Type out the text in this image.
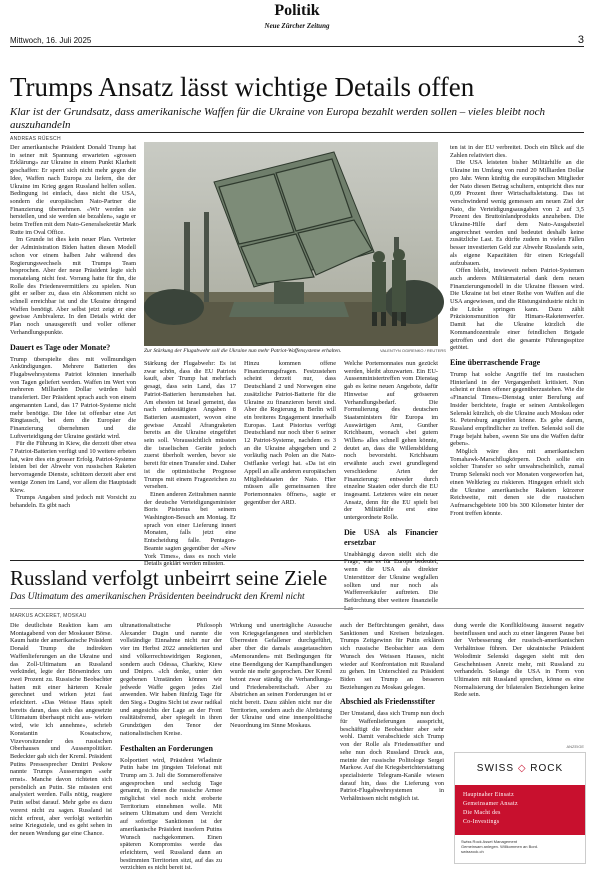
Mittwoch, 16. Juli 2025
Politik
Neue Zürcher Zeitung
3
Trumps Ansatz lässt wichtige Details offen
Klar ist der Grundsatz, dass amerikanische Waffen für die Ukraine von Europa bezahlt werden sollen – vieles bleibt noch auszuhandeln
ANDREAS RÜESCH

Der amerikanische Präsident Donald Trump hat in seiner mit Spannung erwarteten «grossen Erklärung» zur Ukraine in einem Punkt Klarheit geschaffen: Er sperrt sich nicht mehr gegen die Idee, Waffen nach Europa zu liefern, die der Ukraine im Krieg gegen Russland helfen sollen. Bedingung ist einfach, dass nicht die USA, sondern die europäischen Nato-Partner die Finanzierung übernehmen. «Wir werden sie herstellen, und sie werden sie bezahlen», sagte er beim Treffen mit dem Nato-Generalsekretär Mark Rutte im Oval Office.

Im Grunde ist dies kein neuer Plan. Vertreter der Administration Biden hatten diesen Modell schon vor einem halben Jahr während des Regierungswechsels mit Trumps Team besprochen. Aber der neue Präsident legte sich monatelang nicht fest. Vorrang hatte für ihn, die Rolle des Friedensvermittlers zu spielen. Nun gibt er selber zu, dass ein Abkommen nicht so schnell erreichbar ist und die Ukraine dringend Waffen benötigt. Aber selbst jetzt zeigt er eine gewisse Ambivalenz. In den Details wirkt der Plan noch unausgereift und voller offener Verhandlungspunkte.

Dauert es Tage oder Monate?

Trump überspielte dies mit vollmundigen Ankündigungen. Mehrere Batterien des Flugabwehrsystems Patriot könnten innerhalb von Tagen geliefert werden. Waffen im Wert von mehreren Milliarden Dollar würden bald transferiert. Der Präsident sprach auch von einem angenannten Land, das 17 Patriot-Systeme nicht mehr benötige. Die Idee ist offenbar eine Art Ringtausch, bei dem die Europäer die Finanzierung übernehmen und die Luftverteidigung der Ukraine gestärkt wird.

Für die Führung in Kiew, die derzeit über etwa 7 Patriot-Batterien verfügt und 10 weitere erbeten hat, wäre dies ein grosser Erfolg. Patriot-Systeme leisten bei der Abwehr von russischen Raketen hervorragende Dienste, schützen derzeit aber erst wenige Zonen im Land, vor allem die Hauptstadt Kiew.

Trumps Angaben sind jedoch mit Vorsicht zu behandeln. Es gibt nach

Zur Stärkung der Flugabwehr soll die Ukraine nun mehr Patriot-Waffensysteme erhalten.	VALENTYN OGIRENKO / REUTERS

ten ist in der EU verbreitet. Doch ein Blick auf die Zahlen relativiert dies.

Die USA leisteten bisher Militärhilfe an die Ukraine im Umfang von rund 20 Milliarden Dollar pro Jahr. Wenn künftig die europäischen Mitglieder der Nato diesen Betrag schultern, entspricht dies nur 0,09 Prozent ihrer Wirtschaftsleistung. Das ist verschwindend wenig gemessen am neuen Ziel der Nato, die Verteidigungsausgaben von 2 auf 3,5 Prozent des Bruttoinlandprodukts anzuheben. Die Ukraine-Hilfe darf dem Nato-Ausgabeziel angerechnet werden und bedeutet deshalb keine zusätzliche Last. Es dürfte zudem in vielen Fällen besser investierten Geld zur Abwehr Russlands sein, als eigene Kapazitäten für einen Kriegsfall aufzubauen.

Offen bleibt, inwieweit neben Patriot-Systemen auch anderes Militärmaterial dank dem neuen Finanzierungsmodell in die Ukraine fliessen wird. Die Ukraine ist bei einer Reihe von Waffen auf die USA angewiesen, und die Rüstungsindustrie nicht in die Lücke springen kann. Dazu zählt Präzisionsmunition für Himars-Raketenwerfer. Damit hat die Ukraine kürzlich die Kommandozentrale einer feindlichen Brigade getroffen und dort die gesamte Führungsspitze getötet.

Eine überraschende Frage

Trump hat solche Angriffe tief im russischen Hinterland in der Vergangenheit kritisiert. Nun scheint er ihnen offener gegenüberzustehen. Wie die «Financial Times»-Dienstag unter Berufung auf Insider berichtete, fragte er seinen Amtskollegen Selenski kürzlich, ob die Ukraine auch Moskau oder St. Petersburg angreifen könne. Es gebe darum, Russland empfindlicher zu treffen. Selenski soll die Frage bejaht haben, «wenn Sie uns die Waffen dafür geben».

Möglich wäre dies mit amerikanischen Tomahawk-Marschflugkörpern. Doch sollte ein solcher Transfer so sehr unwahrscheinlich, zumal Trump Selenski noch vor Monaten vorgeworfen hat, einen Weltkrieg zu riskieren. Hingegen erhielt sich die Ukraine amerikanische Raketen kürzerer Reichweite, mit denen sie die russischen Aufmarschgebiete 100 bis 300 Kilometer hinter der Front treffen könnte.

Stärkung der Flugabwehr: Es ist zwar schön, dass die EU Patriots kauft, aber Trump hat mehrfach gesagt, dass sein Land, das 17 Patriot-Batterien herumstehen hat. Am ehesten ist Israel gemeint, das nach unbestätigten Angaben 8 Batterien ausmustert, wovon eine gewisse Anzahl Afrangraketen bereits an die Ukraine eingeführt sein soll. Voraussichtlich müssten die israelischen Geräte jedoch zuerst überholt werden, bevor sie bereit für einen Transfer sind. Daher ist die optimistische Prognose Trumps mit einem Fragezeichen zu versehen.

Einen anderen Zeitrahmen nannte der deutsche Verteidigungsminister Boris Pistorius bei seinem Washington-Besuch am Montag. Er sprach von einer Lieferung innert Monaten, falls jetzt eine Entscheidung falle. Pentagon-Beamte sagten gegenüber der «New York Times», dass es noch viele Details geklärt werden müssten.

Hinzu kommen offene Finanzierungsfragen. Festzustehen scheint derzeit nur, dass Deutschland 2 und Norwegen eine zusätzliche Patriot-Batterie für die Ukraine zu finanzieren bereit sind. Aber die Regierung in Berlin will ein breiteres Engagement innerhalb Europas. Laut Pistorius verfügt Deutschland nur noch über 6 seiner 12 Patriot-Systeme, nachdem es 3 an die Ukraine abgegeben und 2 vorläufig nach Polen an die Nato-Ostflanke verlegt hat. «Da ist ein Appell an alle anderen europäischen Mitgliedstaaten der Nato. Hier müssen alle gemeinsamen ihre Portemonnaies öffnen», sagte er gegenüber der ARD.

Welche Portemonnaies nun gezückt werden, bleibt abzuwarten. Ein EU-Aussenministertreffen vom Dienstag gab es keine neuen Angebote, dafür Hinweise auf grösseren Verhandlungsbedarf. Die Formulierung des deutschen Staatsministers für Europa im Auswärtigen Amt, Gunther Krichbaum, wonach «bei gutem Willen» alles schnell gehen könnte, deutet an, dass die Willensbildung noch bevorsteht. Krichbaum erwähnte auch zwei grundlegend verschiedene Arten der Finanzierung: entweder durch einzelne Staaten oder durch die EU insgesamt. Letzteres wäre ein neuer Ansatz, denn für die EU spielt bei der Militärhilfe erst eine untergeordnete Rolle.

Die USA als Financier ersetzbar

Unabhängig davon stellt sich die Frage, was es für Europa bedeutet, wenn die USA als direkter Unterstützer der Ukraine wegfallen sollten und nur noch als Waffenverkäufer auftreten. Die Befürchtung über weitere finanzielle Las-

Russland verfolgt unbeirrt seine Ziele
Das Ultimatum des amerikanischen Präsidenten beeindruckt den Kreml nicht
MARKUS ACKERET, MOSKAU

Die deutlichste Reaktion kam am Montagabend von der Moskauer Börse. Kaum hatte der amerikanische Präsident Donald Trump die indirekten Waffenlieferungen an die Ukraine und das Zoll-Ultimatum an Russland verkündet, legte der Börsenindex um zwei Prozent zu. Russische Beobachter hatten mit einer härteren Kreale gerechnet und wirken jetzt fast erleichtert. «Das Weisse Haus spielt bereits daran, dass sich das angesetzte Ultimatum überhaupt nicht aus- wirken wird, wie ich annehme», schrieb Konstantin Kosatschow, Vizevorsitzender des russischen Oberhauses und Aussenpolitiker. Bedeckter gab sich der Kreml. Präsident Putins Pressesprecher Dmitri Peskow nannte Trumps Äusserungen «sehr ernst». Manche davon richteten sich persönlich an Putin. Sie müssten erst analysiert werden. Falls nötig, reagiere Putin selbst darauf. Mehr gebe es dazu vorerst nicht zu sagen. Russland ist nicht erfreut, aber verfolgt weiterhin seine Kriegsziele, und es geht sehen in der neuen Wendung gar eine Chance.

ultranationalistische Philosoph Alexander Dugin und nannte die vollständige Einnahme nicht nur der vier im Herbst 2022 annektierten und sind völkerrechtswidrigen Regionen, sondern auch Odessa, Charkiw, Kiew und Dnipro. «Ich denke, unter den gegebenen Umständen können wir jedwede Waffe gegen jedes Ziel anwenden. Wir haben fünfzig Tage für den Sieg.» Dugins Sicht ist zwar radikal und angesichts der Lage an der Front realitätsfremd, aber spiegelt in ihren Grundzügen den Tenor der nationalistischen Kreise.

Festhalten an Forderungen

Kolportiert wird, Präsident Wladimir Putin habe im jüngsten Telefonat mit Trump am 3. Juli die Sommeroffensive angesprochen und sechzig Tage genannt, in denen die russische Armee möglichst viel noch nicht eroberte Territorium einnehmen wolle. Mit seinem Ultimatum und dem Verzicht auf sofortige Sanktionen ist der amerikanische Präsident insofern Putins Wunsch nachgekommen. Einen späteren Kompromiss werde das erleichtern, weil Russland dann an bestimmten Territorien sitzt, auf das zu verzichten es nicht bereit ist.

Wirkung und unerträgliche Aussuche von Kriegsgefangenen und sterblichen Überresten Gefallener durchgeführt, aber über die damals ausgetauschten «Memoranden» mit Bedingungen für eine Beendigung der Kampfhandlungen wurde nie mehr gesprochen. Der Kreml betont zwar ständig die Verhandlungs- und Friedensbereitschaft. Aber zu Abstrichen an seinen Forderungen ist er nicht bereit. Dazu zählen nicht nur die Territorien, sondern auch die Abrüstung der Ukraine und eine innenpolitische Neuordnung im Sinne Moskaus.

auch der Befürchtungen genährt, dass Sanktionen und Kreisen beizulegen. Trumps Zeitgewinn für Putin erklären sich russische Beobachter aus dem Wunsch des Weissen Hauses, nicht wieder auf Konfrontation mit Russland zu gehen. Im Unterschied zu Präsident Biden sei Trump an besseren Beziehungen zu Moskau gelegen.

Abschied als Friedensstifter

Der Umstand, dass sich Trump nun doch für Waffenlieferungen ausspricht, beschäftigt die Beobachter aber sehr wohl. Damit verabschiede sich Trump von der Rolle als Friedensstifter und sehe nun doch Russland Druck aus, meinte der russische Politologe Sergei Markow. Auf die Kriegsberichterstattung spezialisierte Telegram-Kanäle wiesen darauf hin, dass die Lieferung von Patriot-Flugabwehrsystemen in Verhältnissen nicht möglich ist.

dung werde die Konfliktlösung äusserst negativ beeinflussen und auch zu einer längeren Pause bei der Verbesserung der russisch-amerikanischen Verhältnisse führen. Der ukrainische Präsident Wolodimir Selenski dagegen sieht mit den Geschehnissen Anreiz mehr, mit Russland zu verhandeln. Solange die USA in Form von Ultimaten mit Russland sprechen, könne es eine Normalisierung der bilateralen Beziehungen keine Rede sein.

ANZEIGE
SWISS ◇ ROCK
Hauptnaher Einsatz
Gemeinsamer Ansatz
Die Macht des
Co-Investings
Swiss Rock Asset Management
Gemeinsam anlegen. Willkommen an Bord.
swissrock.ch
